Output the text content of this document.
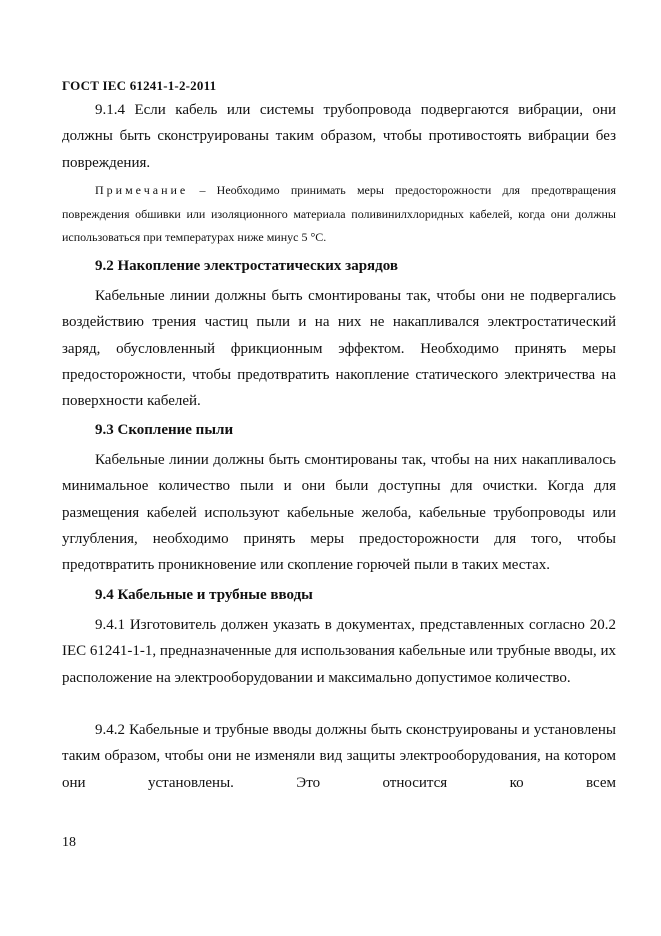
ГОСТ IEC 61241-1-2-2011

9.1.4 Если кабель или системы трубопровода подвергаются вибрации, они должны быть сконструированы таким образом, чтобы противостоять вибрации без повреждения.

Примечание – Необходимо принимать меры предосторожности для предотвращения повреждения обшивки или изоляционного материала поливинилхлоридных кабелей, когда они должны использоваться при температурах ниже минус 5 °С.

9.2 Накопление электростатических зарядов

Кабельные линии должны быть смонтированы так, чтобы они не подвергались воздействию трения частиц пыли и на них не накапливался электростатический заряд, обусловленный фрикционным эффектом. Необходимо принять меры предосторожности, чтобы предотвратить накопление статического электричества на поверхности кабелей.

9.3 Скопление пыли

Кабельные линии должны быть смонтированы так, чтобы на них накапливалось минимальное количество пыли и они были доступны для очистки. Когда для размещения кабелей используют кабельные желоба, кабельные трубопроводы или углубления, необходимо принять меры предосторожности для того, чтобы предотвратить проникновение или скопление горючей пыли в таких местах.

9.4 Кабельные и трубные вводы

9.4.1 Изготовитель должен указать в документах, представленных согласно 20.2 IEC 61241-1-1, предназначенные для использования кабельные или трубные вводы, их расположение на электрооборудовании и максимально допустимое количество.

9.4.2 Кабельные и трубные вводы должны быть сконструированы и установлены таким образом, чтобы они не изменяли вид защиты электрооборудования, на котором они установлены. Это относится ко всем

18
